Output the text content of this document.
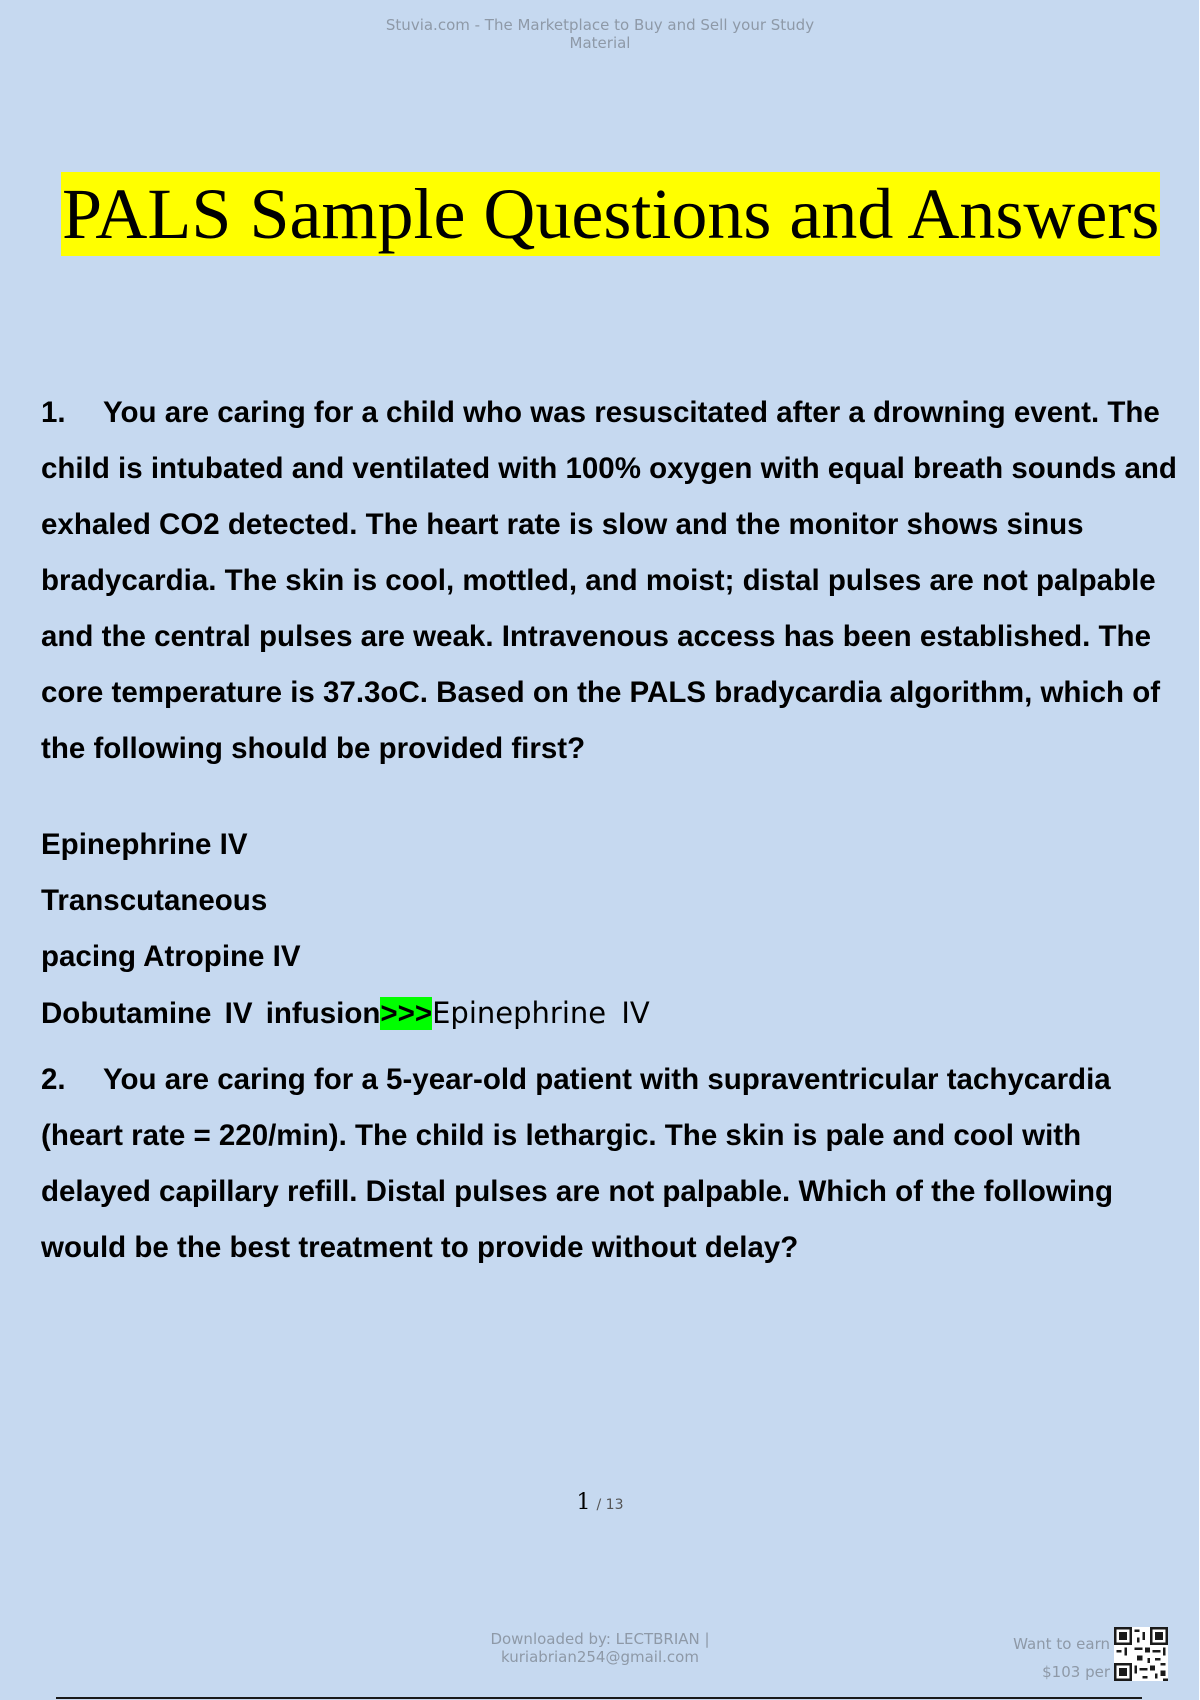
Stuvia.com - The Marketplace to Buy and Sell your Study
Material
PALS Sample Questions and Answers

1. You are caring for a child who was resuscitated after a drowning event. The child is intubated and ventilated with 100% oxygen with equal breath sounds and exhaled CO2 detected. The heart rate is slow and the monitor shows sinus bradycardia. The skin is cool, mottled, and moist; distal pulses are not palpable and the central pulses are weak. Intravenous access has been established. The core temperature is 37.3oC. Based on the PALS bradycardia algorithm, which of the following should be provided first?

Epinephrine IV
Transcutaneous
pacing Atropine IV
Dobutamine IV infusion>>>Epinephrine IV

2. You are caring for a 5-year-old patient with supraventricular tachycardia (heart rate = 220/min). The child is lethargic. The skin is pale and cool with delayed capillary refill. Distal pulses are not palpable. Which of the following would be the best treatment to provide without delay?

1 / 13
Downloaded by: LECTBRIAN |
kuriabrian254@gmail.com
Want to earn
$103 per
